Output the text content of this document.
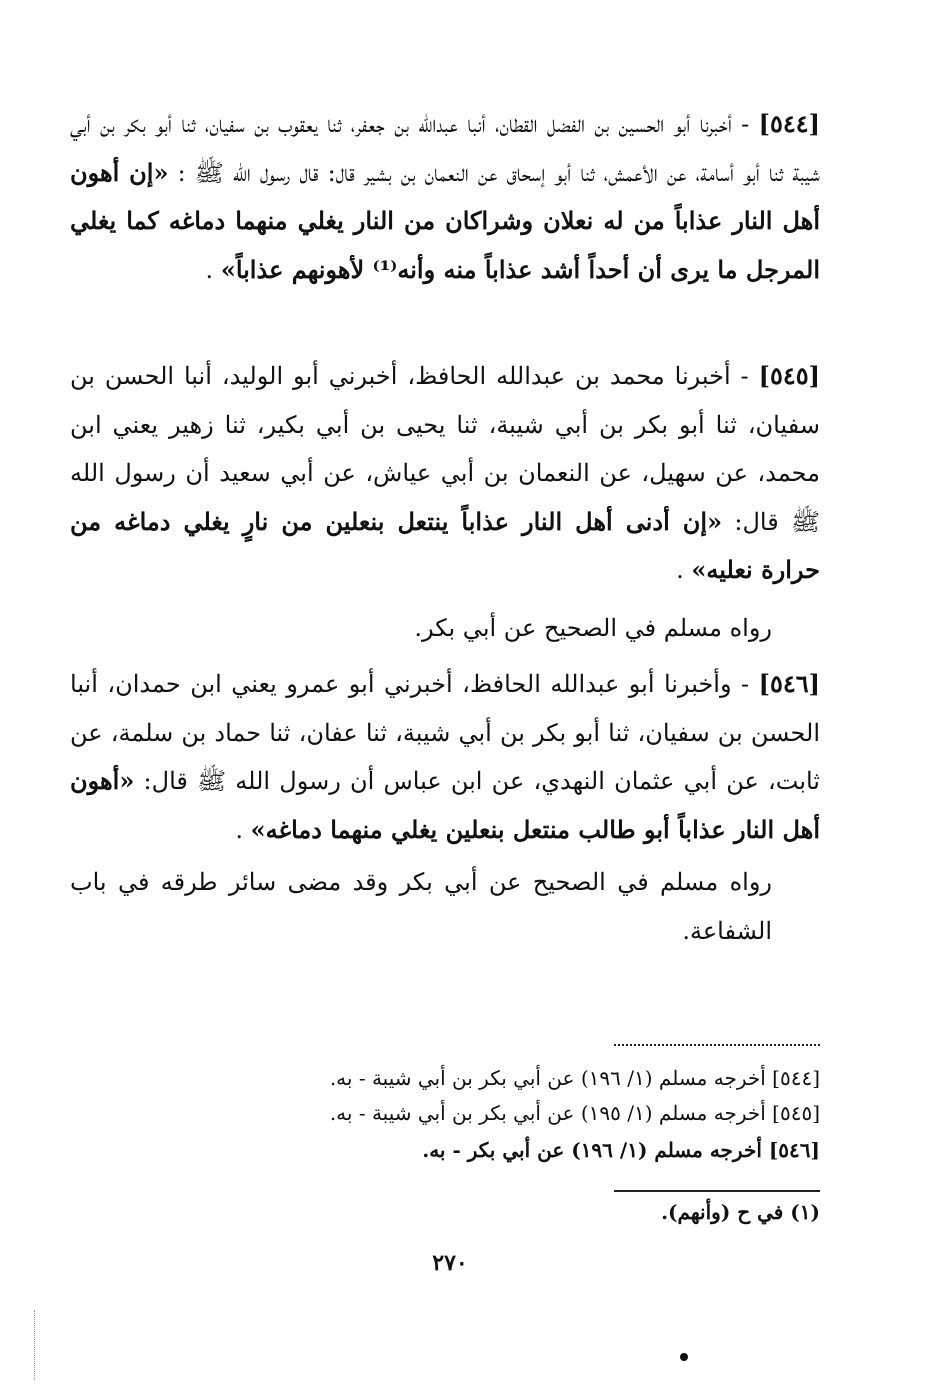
[٥٤٤] - أخبرنا أبو الحسين بن الفضل القطان، أنبا عبدالله بن جعفر، ثنا يعقوب بن سفيان، ثنا أبو بكر بن أبي شيبة ثنا أبو أسامة، عن الأعمش، ثنا أبو إسحاق عن النعمان بن بشير قال: قال رسول الله ﷺ : «إن أهون أهل النار عذاباً من له نعلان وشراكان من النار يغلي منهما دماغه كما يغلي المرجل ما يرى أن أحداً أشد عذاباً منه وأنه⁽¹⁾ لأهونهم عذاباً» .

[٥٤٥] - أخبرنا محمد بن عبدالله الحافظ، أخبرني أبو الوليد، أنبا الحسن بن سفيان، ثنا أبو بكر بن أبي شيبة، ثنا يحيى بن أبي بكير، ثنا زهير يعني ابن محمد، عن سهيل، عن النعمان بن أبي عياش، عن أبي سعيد أن رسول الله ﷺ قال: «إن أدنى أهل النار عذاباً ينتعل بنعلين من نارٍ يغلي دماغه من حرارة نعليه» .

رواه مسلم في الصحيح عن أبي بكر.

[٥٤٦] - وأخبرنا أبو عبدالله الحافظ، أخبرني أبو عمرو يعني ابن حمدان، أنبا الحسن بن سفيان، ثنا أبو بكر بن أبي شيبة، ثنا عفان، ثنا حماد بن سلمة، عن ثابت، عن أبي عثمان النهدي، عن ابن عباس أن رسول الله ﷺ قال: «أهون أهل النار عذاباً أبو طالب منتعل بنعلين يغلي منهما دماغه» .

رواه مسلم في الصحيح عن أبي بكر وقد مضى سائر طرقه في باب الشفاعة.

[٥٤٤] أخرجه مسلم (١/ ١٩٦) عن أبي بكر بن أبي شيبة - به.
[٥٤٥] أخرجه مسلم (١/ ١٩٥) عن أبي بكر بن أبي شيبة - به.
[٥٤٦] أخرجه مسلم (١/ ١٩٦) عن أبي بكر - به.
(١) في ح (وأنهم).
٢٧٠
